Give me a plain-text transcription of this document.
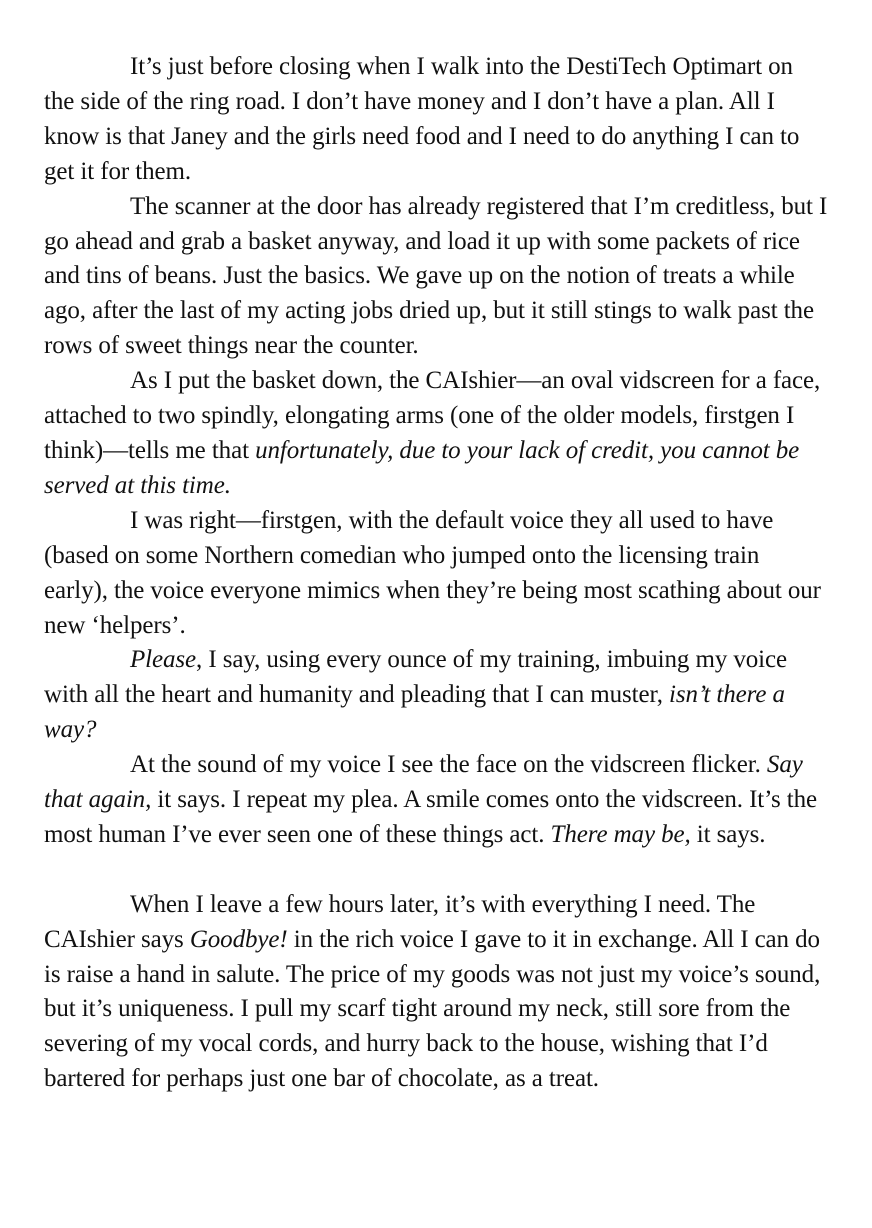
It’s just before closing when I walk into the DestiTech Optimart on the side of the ring road. I don’t have money and I don’t have a plan. All I know is that Janey and the girls need food and I need to do anything I can to get it for them.

The scanner at the door has already registered that I’m creditless, but I go ahead and grab a basket anyway, and load it up with some packets of rice and tins of beans. Just the basics. We gave up on the notion of treats a while ago, after the last of my acting jobs dried up, but it still stings to walk past the rows of sweet things near the counter.

As I put the basket down, the CAIshier—an oval vidscreen for a face, attached to two spindly, elongating arms (one of the older models, firstgen I think)—tells me that unfortunately, due to your lack of credit, you cannot be served at this time.

I was right—firstgen, with the default voice they all used to have (based on some Northern comedian who jumped onto the licensing train early), the voice everyone mimics when they’re being most scathing about our new ‘helpers’.

Please, I say, using every ounce of my training, imbuing my voice with all the heart and humanity and pleading that I can muster, isn’t there a way?

At the sound of my voice I see the face on the vidscreen flicker. Say that again, it says. I repeat my plea. A smile comes onto the vidscreen. It’s the most human I’ve ever seen one of these things act. There may be, it says.

When I leave a few hours later, it’s with everything I need. The CAIshier says Goodbye! in the rich voice I gave to it in exchange. All I can do is raise a hand in salute. The price of my goods was not just my voice’s sound, but it’s uniqueness. I pull my scarf tight around my neck, still sore from the severing of my vocal cords, and hurry back to the house, wishing that I’d bartered for perhaps just one bar of chocolate, as a treat.
